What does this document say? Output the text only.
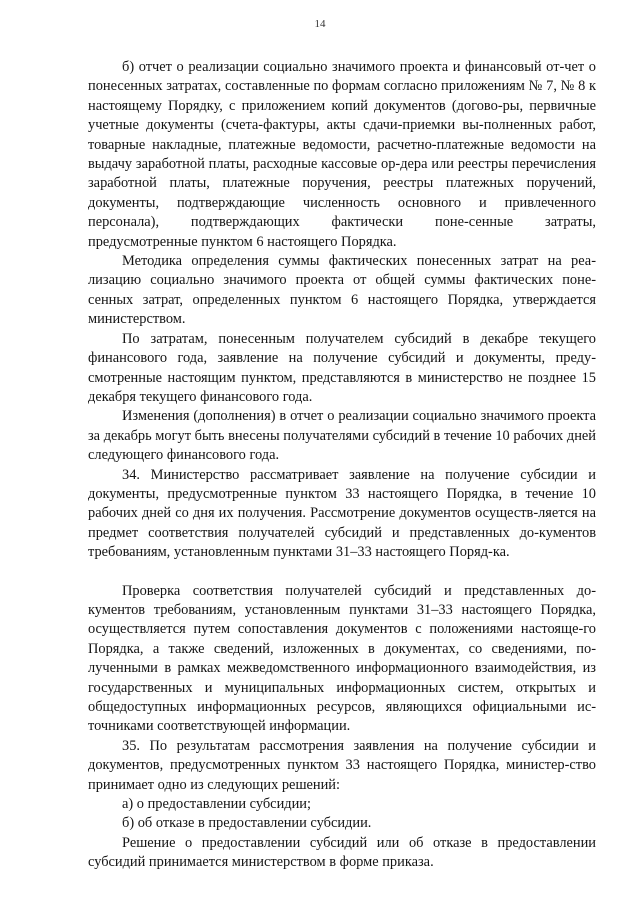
14

б) отчет о реализации социально значимого проекта и финансовый от-чет о понесенных затратах, составленные по формам согласно приложениям № 7, № 8 к настоящему Порядку, с приложением копий документов (догово-ры, первичные учетные документы (счета-фактуры, акты сдачи-приемки вы-полненных работ, товарные накладные, платежные ведомости, расчетно-платежные ведомости на выдачу заработной платы, расходные кассовые ор-дера или реестры перечисления заработной платы, платежные поручения, реестры платежных поручений, документы, подтверждающие численность основного и привлеченного персонала), подтверждающих фактически поне-сенные затраты, предусмотренные пунктом 6 настоящего Порядка.

Методика определения суммы фактических понесенных затрат на реа-лизацию социально значимого проекта от общей суммы фактических поне-сенных затрат, определенных пунктом 6 настоящего Порядка, утверждается министерством.

По затратам, понесенным получателем субсидий в декабре текущего финансового года, заявление на получение субсидий и документы, преду-смотренные настоящим пунктом, представляются в министерство не позднее 15 декабря текущего финансового года.

Изменения (дополнения) в отчет о реализации социально значимого проекта за декабрь могут быть внесены получателями субсидий в течение 10 рабочих дней следующего финансового года.

34. Министерство рассматривает заявление на получение субсидии и документы, предусмотренные пунктом 33 настоящего Порядка, в течение 10 рабочих дней со дня их получения. Рассмотрение документов осуществ-ляется на предмет соответствия получателей субсидий и представленных до-кументов требованиям, установленным пунктами 31–33 настоящего Поряд-ка.

Проверка соответствия получателей субсидий и представленных до-кументов требованиям, установленным пунктами 31–33 настоящего Порядка, осуществляется путем сопоставления документов с положениями настояще-го Порядка, а также сведений, изложенных в документах, со сведениями, по-лученными в рамках межведомственного информационного взаимодействия, из государственных и муниципальных информационных систем, открытых и общедоступных информационных ресурсов, являющихся официальными ис-точниками соответствующей информации.

35. По результатам рассмотрения заявления на получение субсидии и документов, предусмотренных пунктом 33 настоящего Порядка, министер-ство принимает одно из следующих решений:

а) о предоставлении субсидии;

б) об отказе в предоставлении субсидии.

Решение о предоставлении субсидий или об отказе в предоставлении субсидий принимается министерством в форме приказа.
